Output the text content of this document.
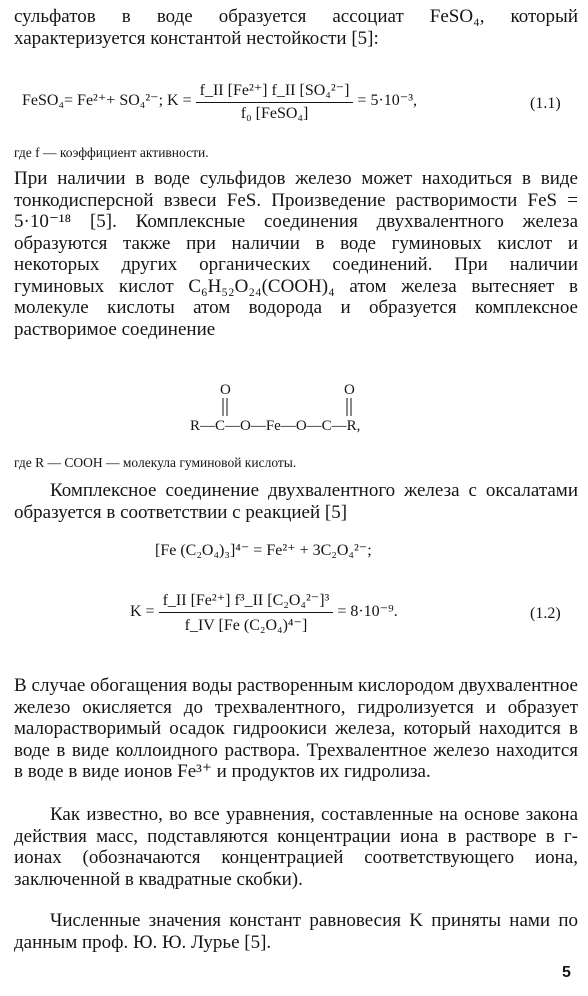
сульфатов в воде образуется ассоциат FeSO₄, который характеризуется константой нестойкости [5]:

FeSO₄= Fe²⁺+ SO₄²⁻; $K = \frac{\text{f\_II [Fe²⁺] f\_II [SO₄²⁻]}}{\text{f₀ [FeSO₄]}} = 5\cdot 10^{-3}$,	(1.1)
где f — коэффициент активности.

При наличии в воде сульфидов железо может находиться в виде тонкодисперсной взвеси FeS. Произведение растворимости FeS = 5·10⁻¹⁸ [5]. Комплексные соединения двухвалентного железа образуются также при наличии в воде гуминовых кислот и некоторых других органических соединений. При наличии гуминовых кислот C₆H₅₂O₂₄(COOH)₄ атом железа вытесняет в молекуле кислоты атом водорода и образуется комплексное растворимое соединение

O	O
R—C—O—Fe—O—C—R,
где R — COOH — молекула гуминовой кислоты.

Комплексное соединение двухвалентного железа с оксалатами образуется в соответствии с реакцией [5]

[Fe (C₂O₄)₃]⁴⁻ = Fe²⁺ + 3C₂O₄²⁻;
$K = \frac{\text{f\_II [Fe²⁺] f³\_II [C₂O₄²⁻]³}}{\text{f\_IV [Fe (C₂O₄)⁴⁻]}} = 8\cdot 10^{-9}$.	(1.2)

В случае обогащения воды растворенным кислородом двухвалентное железо окисляется до трехвалентного, гидролизуется и образует малорастворимый осадок гидроокиси железа, который находится в воде в виде коллоидного раствора. Трехвалентное железо находится в воде в виде ионов Fe³⁺ и продуктов их гидролиза.

Как известно, во все уравнения, составленные на основе закона действия масс, подставляются концентрации иона в растворе в г-ионах (обозначаются концентрацией соответствующего иона, заключенной в квадратные скобки).

Численные значения констант равновесия K приняты нами по данным проф. Ю. Ю. Лурье [5].

5
